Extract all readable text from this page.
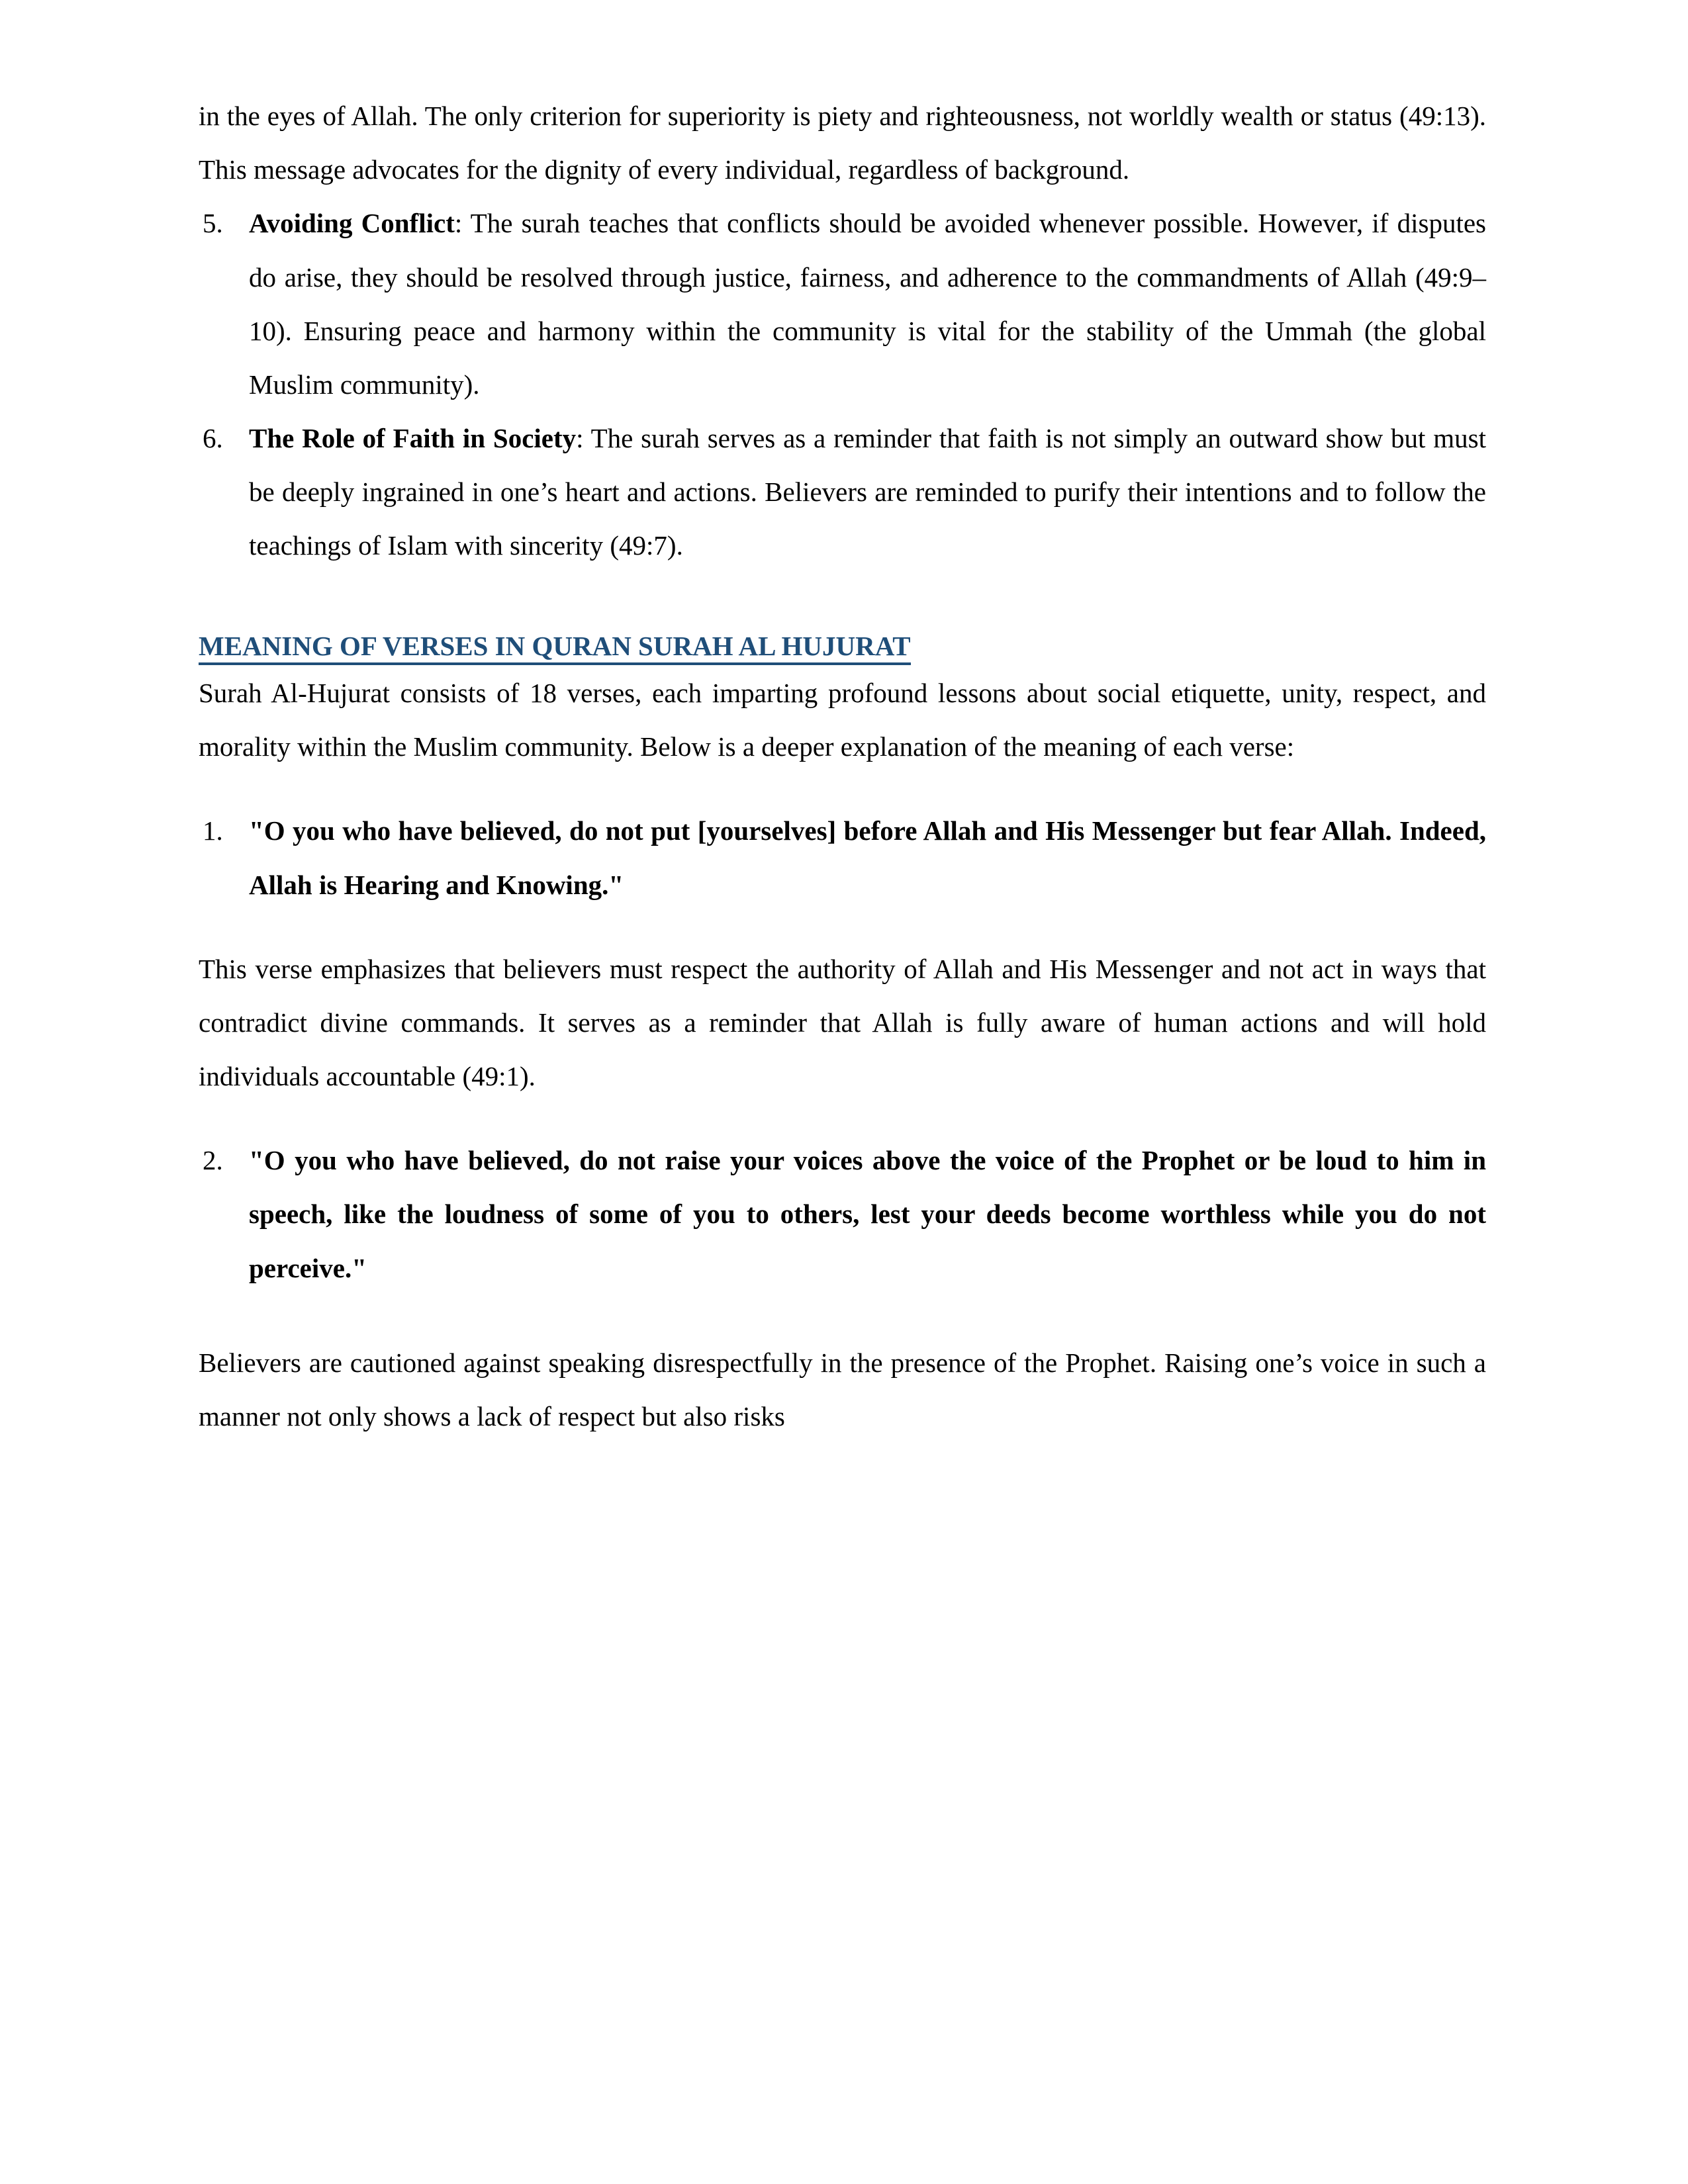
in the eyes of Allah. The only criterion for superiority is piety and righteousness, not worldly wealth or status (49:13). This message advocates for the dignity of every individual, regardless of background.

5. Avoiding Conflict: The surah teaches that conflicts should be avoided whenever possible. However, if disputes do arise, they should be resolved through justice, fairness, and adherence to the commandments of Allah (49:9–10). Ensuring peace and harmony within the community is vital for the stability of the Ummah (the global Muslim community).
6. The Role of Faith in Society: The surah serves as a reminder that faith is not simply an outward show but must be deeply ingrained in one’s heart and actions. Believers are reminded to purify their intentions and to follow the teachings of Islam with sincerity (49:7).
MEANING OF VERSES IN QURAN SURAH AL HUJURAT

Surah Al-Hujurat consists of 18 verses, each imparting profound lessons about social etiquette, unity, respect, and morality within the Muslim community. Below is a deeper explanation of the meaning of each verse:

1. "O you who have believed, do not put [yourselves] before Allah and His Messenger but fear Allah. Indeed, Allah is Hearing and Knowing."

This verse emphasizes that believers must respect the authority of Allah and His Messenger and not act in ways that contradict divine commands. It serves as a reminder that Allah is fully aware of human actions and will hold individuals accountable (49:1).

2. "O you who have believed, do not raise your voices above the voice of the Prophet or be loud to him in speech, like the loudness of some of you to others, lest your deeds become worthless while you do not perceive."

Believers are cautioned against speaking disrespectfully in the presence of the Prophet. Raising one’s voice in such a manner not only shows a lack of respect but also risks
